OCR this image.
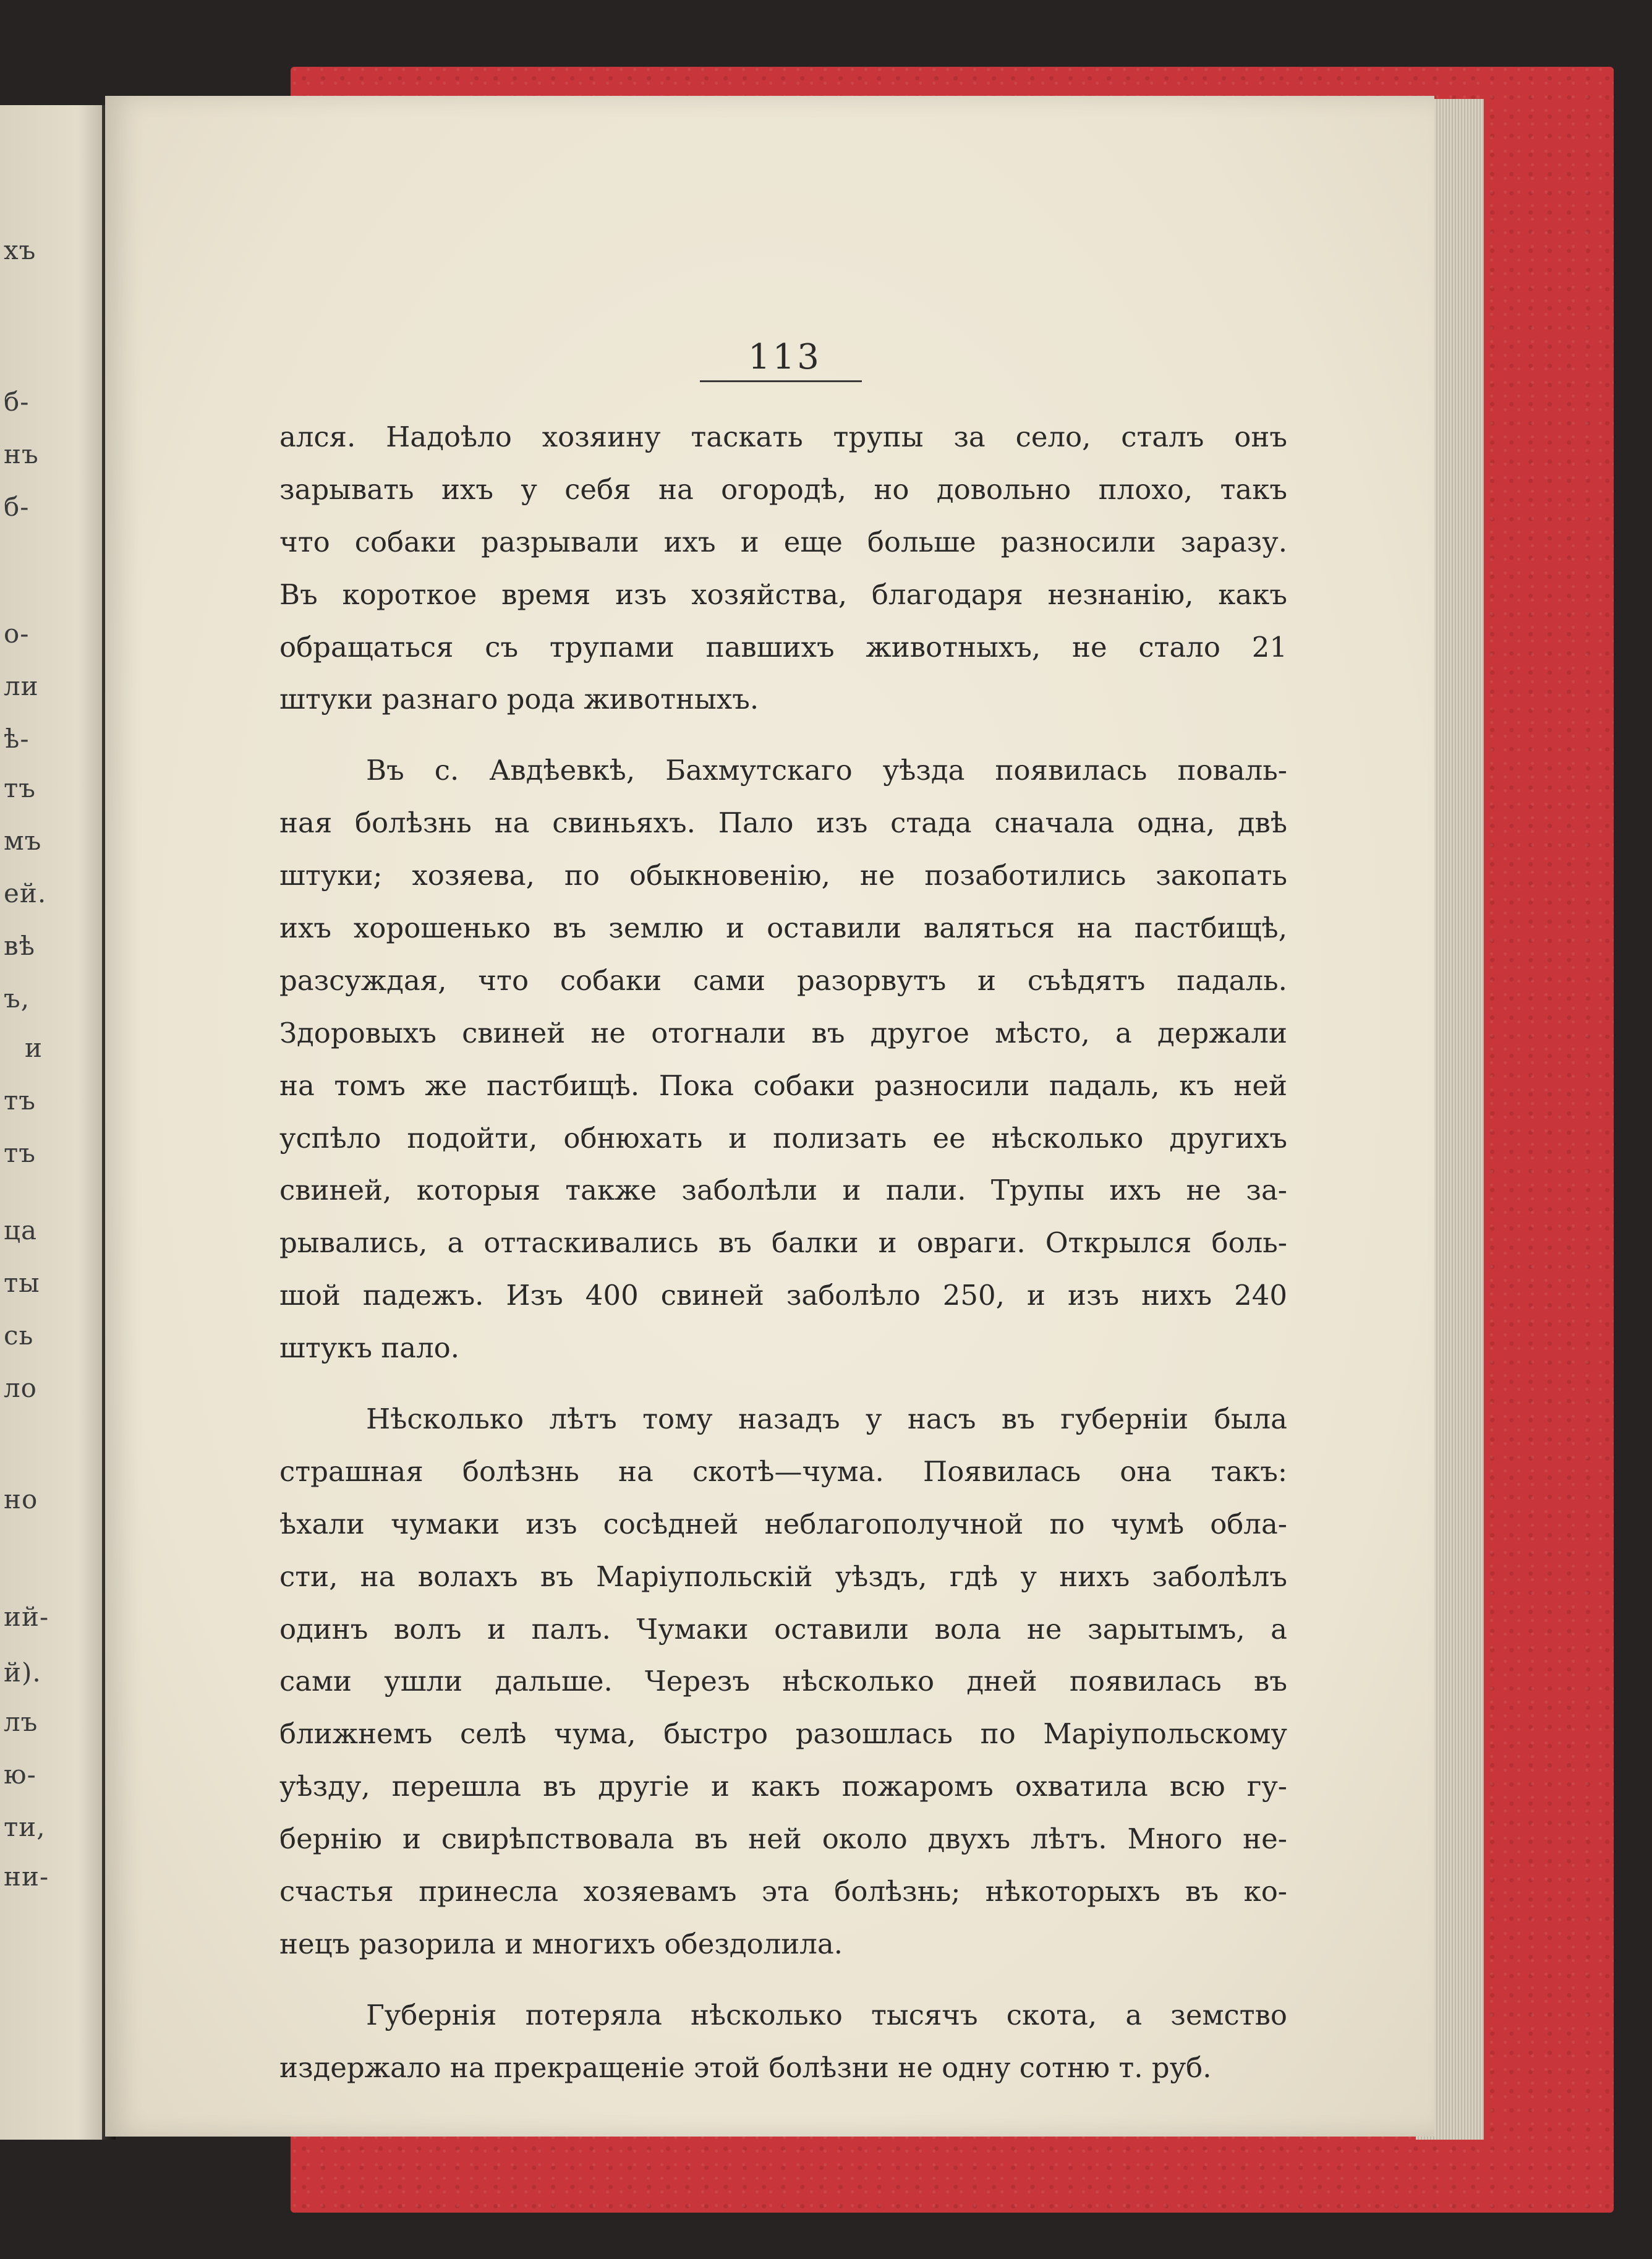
хъ
б-
нъ
б-
о-
ли
ѣ-
тъ
мъ
ей.
вѣ
ъ,
и
тъ
тъ
ца
ты
сь
ло
но
ий-
й).
лъ
ю-
ти,
ни-
113
ался. Надоѣло хозяину таскать трупы за село, сталъ онъ
зарывать ихъ у себя на огородѣ, но довольно плохо, такъ
что собаки разрывали ихъ и еще больше разносили заразу.
Въ короткое время изъ хозяйства, благодаря незнанію, какъ
обращаться съ трупами павшихъ животныхъ, не стало 21
штуки разнаго рода животныхъ.
Въ с. Авдѣевкѣ, Бахмутскаго уѣзда появилась поваль-
ная болѣзнь на свиньяхъ. Пало изъ стада сначала одна, двѣ
штуки; хозяева, по обыкновенію, не позаботились закопать
ихъ хорошенько въ землю и оставили валяться на пастбищѣ,
разсуждая, что собаки сами разорвутъ и съѣдятъ падаль.
Здоровыхъ свиней не отогнали въ другое мѣсто, а держали
на томъ же пастбищѣ. Пока собаки разносили падаль, къ ней
успѣло подойти, обнюхать и полизать ее нѣсколько другихъ
свиней, которыя также заболѣли и пали. Трупы ихъ не за-
рывались, а оттаскивались въ балки и овраги. Открылся боль-
шой падежъ. Изъ 400 свиней заболѣло 250, и изъ нихъ 240
штукъ пало.
Нѣсколько лѣтъ тому назадъ у насъ въ губерніи была
страшная болѣзнь на скотѣ—чума. Появилась она такъ:
ѣхали чумаки изъ сосѣдней неблагополучной по чумѣ обла-
сти, на волахъ въ Маріупольскій уѣздъ, гдѣ у нихъ заболѣлъ
одинъ волъ и палъ. Чумаки оставили вола не зарытымъ, а
сами ушли дальше. Черезъ нѣсколько дней появилась въ
ближнемъ селѣ чума, быстро разошлась по Маріупольскому
уѣзду, перешла въ другіе и какъ пожаромъ охватила всю гу-
бернію и свирѣпствовала въ ней около двухъ лѣтъ. Много не-
счастья принесла хозяевамъ эта болѣзнь; нѣкоторыхъ въ ко-
нецъ разорила и многихъ обездолила.
Губернія потеряла нѣсколько тысячъ скота, а земство
издержало на прекращеніе этой болѣзни не одну сотню т. руб.
